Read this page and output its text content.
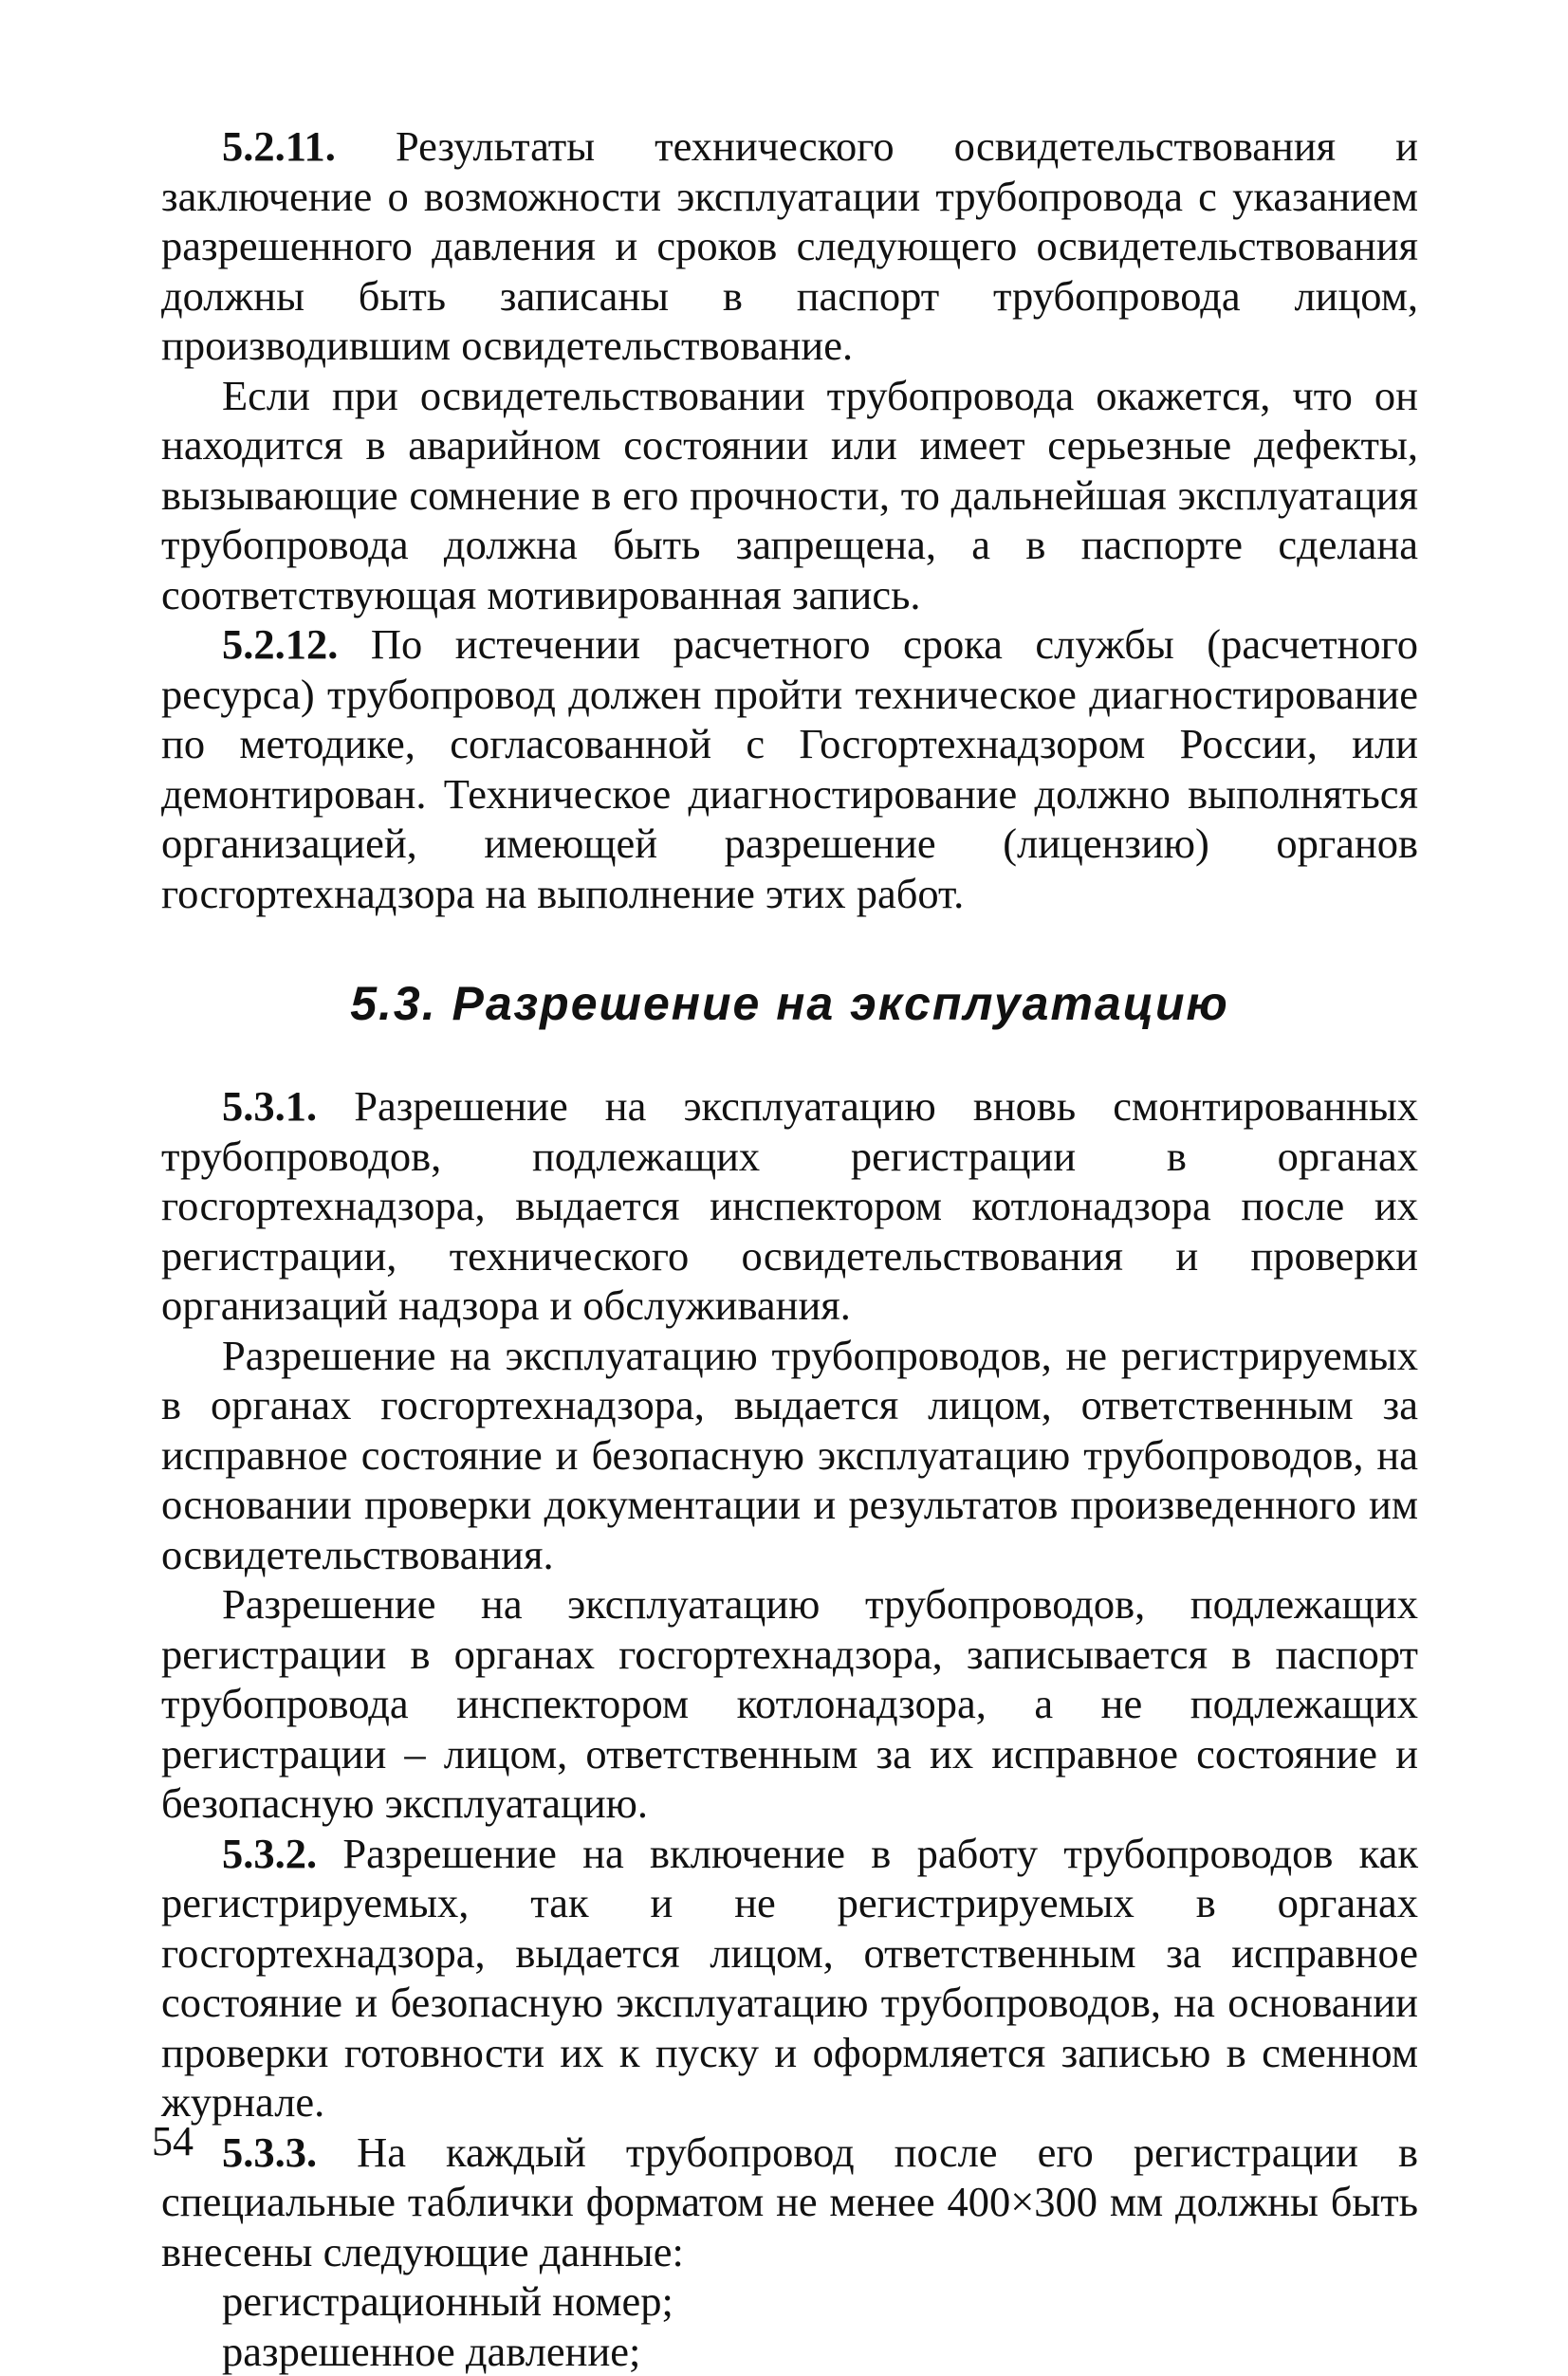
5.2.11. Результаты технического освидетельствования и заключение о возможности эксплуатации трубопровода с указанием разрешенного давления и сроков следующего освидетельствования должны быть записаны в паспорт трубопровода лицом, производившим освидетельствование.

Если при освидетельствовании трубопровода окажется, что он находится в аварийном состоянии или имеет серьезные дефекты, вызывающие сомнение в его прочности, то дальнейшая эксплуатация трубопровода должна быть запрещена, а в паспорте сделана соответствующая мотивированная запись.

5.2.12. По истечении расчетного срока службы (расчетного ресурса) трубопровод должен пройти техническое диагностирование по методике, согласованной с Госгортехнадзором России, или демонтирован. Техническое диагностирование должно выполняться организацией, имеющей разрешение (лицензию) органов госгортехнадзора на выполнение этих работ.

5.3. Разрешение на эксплуатацию

5.3.1. Разрешение на эксплуатацию вновь смонтированных трубопроводов, подлежащих регистрации в органах госгортехнадзора, выдается инспектором котлонадзора после их регистрации, технического освидетельствования и проверки организаций надзора и обслуживания.

Разрешение на эксплуатацию трубопроводов, не регистрируемых в органах госгортехнадзора, выдается лицом, ответственным за исправное состояние и безопасную эксплуатацию трубопроводов, на основании проверки документации и результатов произведенного им освидетельствования.

Разрешение на эксплуатацию трубопроводов, подлежащих регистрации в органах госгортехнадзора, записывается в паспорт трубопровода инспектором котлонадзора, а не подлежащих регистрации – лицом, ответственным за их исправное состояние и безопасную эксплуатацию.

5.3.2. Разрешение на включение в работу трубопроводов как регистрируемых, так и не регистрируемых в органах госгортехнадзора, выдается лицом, ответственным за исправное состояние и безопасную эксплуатацию трубопроводов, на основании проверки готовности их к пуску и оформляется записью в сменном журнале.

5.3.3. На каждый трубопровод после его регистрации в специальные таблички форматом не менее 400×300 мм должны быть внесены следующие данные:

регистрационный номер;

разрешенное давление;

54
